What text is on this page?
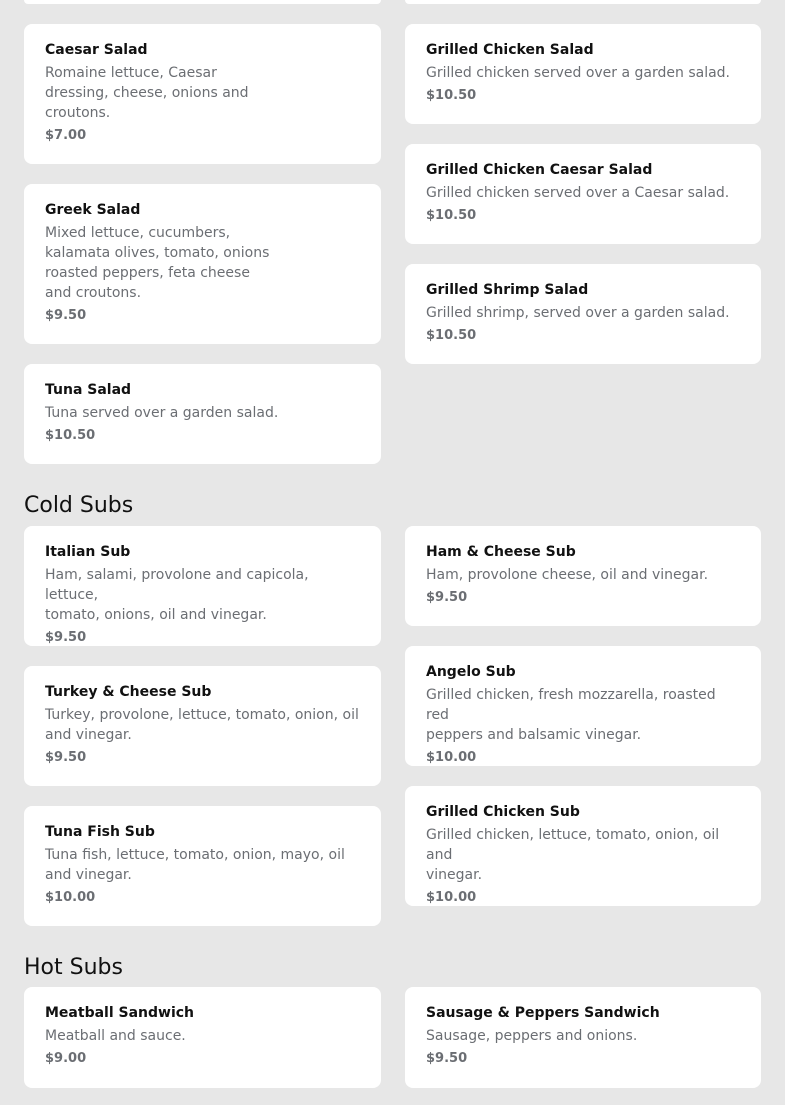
Caesar Salad
Romaine lettuce, Caesar
dressing, cheese, onions and
croutons.
$7.00
Greek Salad
Mixed lettuce, cucumbers,
kalamata olives, tomato, onions
roasted peppers, feta cheese
and croutons.
$9.50
Tuna Salad
Tuna served over a garden salad.
$10.50
Grilled Chicken Salad
Grilled chicken served over a garden salad.
$10.50
Grilled Chicken Caesar Salad
Grilled chicken served over a Caesar salad.
$10.50
Grilled Shrimp Salad
Grilled shrimp, served over a garden salad.
$10.50
Cold Subs
Italian Sub
Ham, salami, provolone and capicola, lettuce,
tomato, onions, oil and vinegar.
$9.50
Turkey & Cheese Sub
Turkey, provolone, lettuce, tomato, onion, oil
and vinegar.
$9.50
Tuna Fish Sub
Tuna fish, lettuce, tomato, onion, mayo, oil
and vinegar.
$10.00
Ham & Cheese Sub
Ham, provolone cheese, oil and vinegar.
$9.50
Angelo Sub
Grilled chicken, fresh mozzarella, roasted red
peppers and balsamic vinegar.
$10.00
Grilled Chicken Sub
Grilled chicken, lettuce, tomato, onion, oil and
vinegar.
$10.00
Hot Subs
Meatball Sandwich
Meatball and sauce.
$9.00
Sausage & Peppers Sandwich
Sausage, peppers and onions.
$9.50
